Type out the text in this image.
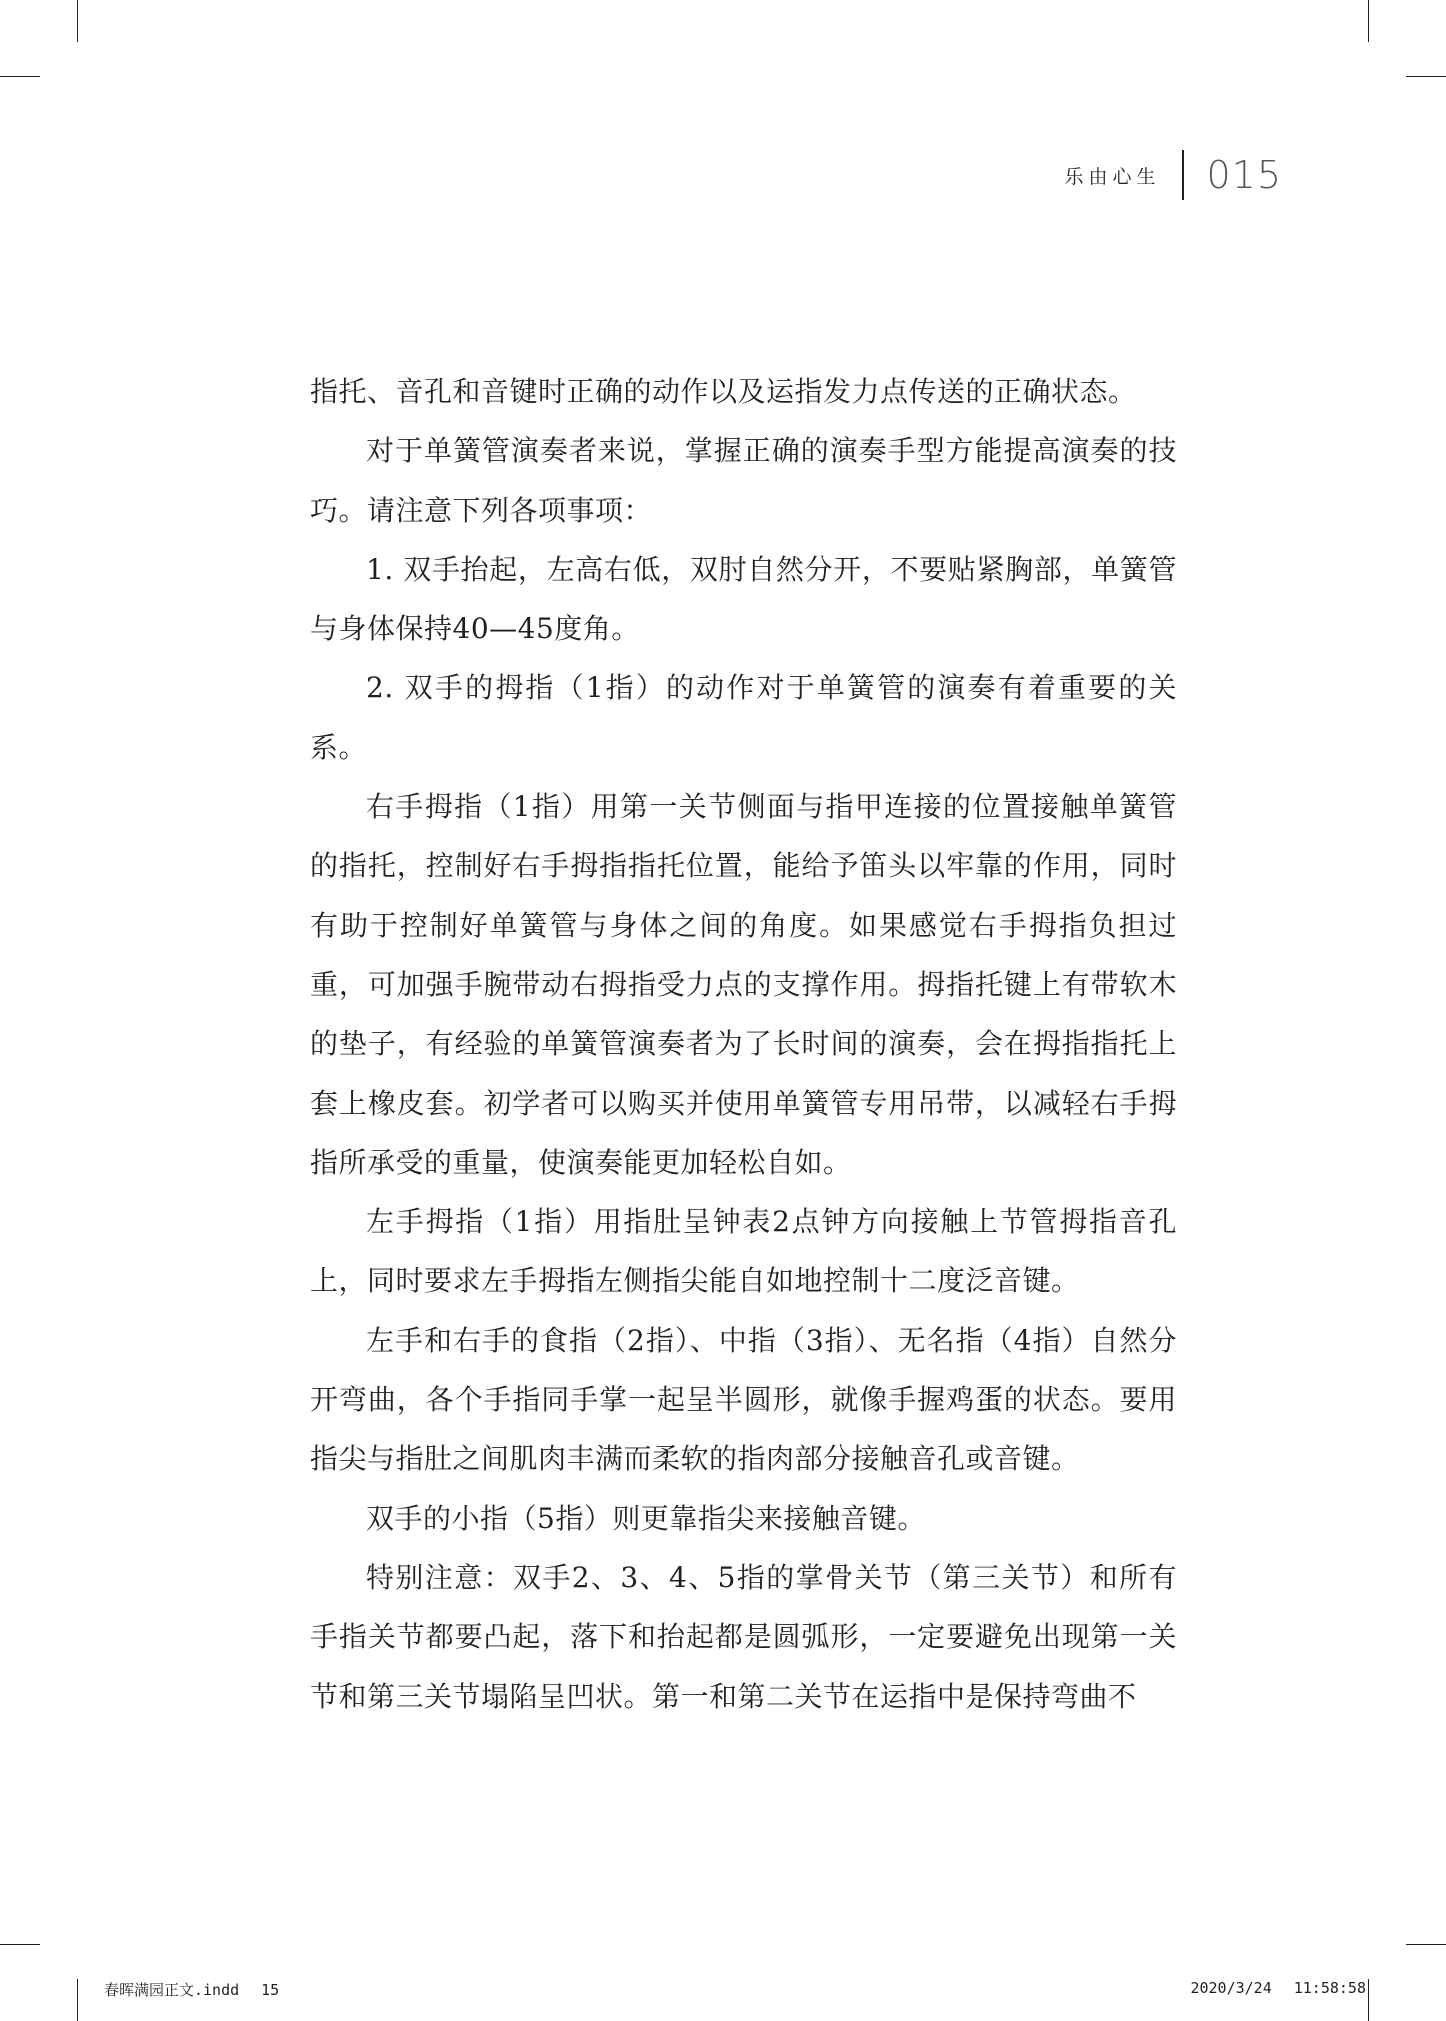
乐由心生 015

指托、音孔和音键时正确的动作以及运指发力点传送的正确状态。

对于单簧管演奏者来说，掌握正确的演奏手型方能提高演奏的技巧。请注意下列各项事项：

1. 双手抬起，左高右低，双肘自然分开，不要贴紧胸部，单簧管与身体保持40—45度角。

2. 双手的拇指（1指）的动作对于单簧管的演奏有着重要的关系。

右手拇指（1指）用第一关节侧面与指甲连接的位置接触单簧管的指托，控制好右手拇指指托位置，能给予笛头以牢靠的作用，同时有助于控制好单簧管与身体之间的角度。如果感觉右手拇指负担过重，可加强手腕带动右拇指受力点的支撑作用。拇指托键上有带软木的垫子，有经验的单簧管演奏者为了长时间的演奏，会在拇指指托上套上橡皮套。初学者可以购买并使用单簧管专用吊带，以减轻右手拇指所承受的重量，使演奏能更加轻松自如。

左手拇指（1指）用指肚呈钟表2点钟方向接触上节管拇指音孔上，同时要求左手拇指左侧指尖能自如地控制十二度泛音键。

左手和右手的食指（2指）、中指（3指）、无名指（4指）自然分开弯曲，各个手指同手掌一起呈半圆形，就像手握鸡蛋的状态。要用指尖与指肚之间肌肉丰满而柔软的指肉部分接触音孔或音键。

双手的小指（5指）则更靠指尖来接触音键。

特别注意：双手2、3、4、5指的掌骨关节（第三关节）和所有手指关节都要凸起，落下和抬起都是圆弧形，一定要避免出现第一关节和第三关节塌陷呈凹状。第一和第二关节在运指中是保持弯曲不

春晖满园正文.indd 15	2020/3/24 11:58:58
